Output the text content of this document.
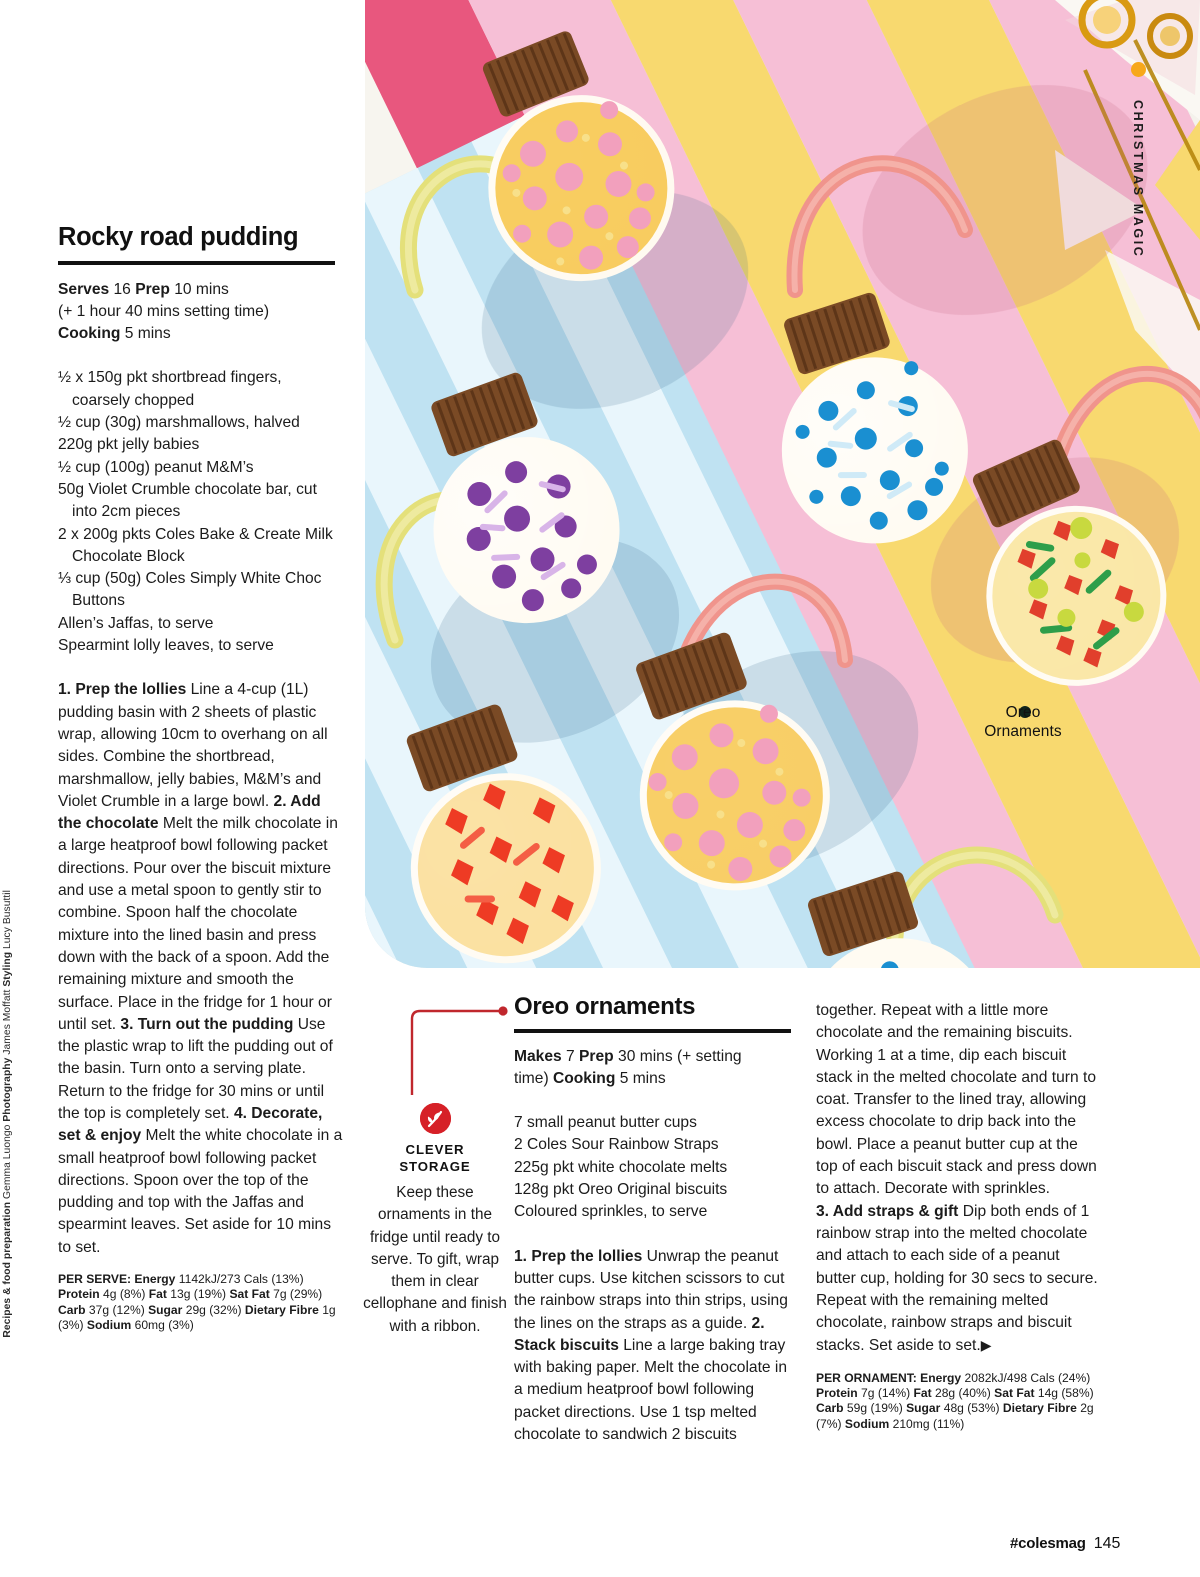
Oreo
Ornaments
CHRISTMAS MAGIC
Recipes & food preparation Gemma Luongo Photography James Moffatt Styling Lucy Busuttil
Rocky road pudding
Serves 16 Prep 10 mins
(+ 1 hour 40 mins setting time)
Cooking 5 mins
½ x 150g pkt shortbread fingers, coarsely chopped
½ cup (30g) marshmallows, halved
220g pkt jelly babies
½ cup (100g) peanut M&M’s
50g Violet Crumble chocolate bar, cut into 2cm pieces
2 x 200g pkts Coles Bake & Create Milk Chocolate Block
⅓ cup (50g) Coles Simply White Choc Buttons
Allen’s Jaffas, to serve
Spearmint lolly leaves, to serve
1. Prep the lollies Line a 4-cup (1L) pudding basin with 2 sheets of plastic wrap, allowing 10cm to overhang on all sides. Combine the shortbread, marshmallow, jelly babies, M&M’s and Violet Crumble in a large bowl. 2. Add the chocolate Melt the milk chocolate in a large heatproof bowl following packet directions. Pour over the biscuit mixture and use a metal spoon to gently stir to combine. Spoon half the chocolate mixture into the lined basin and press down with the back of a spoon. Add the remaining mixture and smooth the surface. Place in the fridge for 1 hour or until set. 3. Turn out the pudding Use the plastic wrap to lift the pudding out of the basin. Turn onto a serving plate. Return to the fridge for 30 mins or until the top is completely set. 4. Decorate, set & enjoy Melt the white chocolate in a small heatproof bowl following packet directions. Spoon over the top of the pudding and top with the Jaffas and spearmint leaves. Set aside for 10 mins to set.
PER SERVE: Energy 1142kJ/273 Cals (13%) Protein 4g (8%) Fat 13g (19%) Sat Fat 7g (29%) Carb 37g (12%) Sugar 29g (32%) Dietary Fibre 1g (3%) Sodium 60mg (3%)
CLEVER
STORAGE
Keep these ornaments in the fridge until ready to serve. To gift, wrap them in clear cellophane and finish with a ribbon.
Oreo ornaments
Makes 7 Prep 30 mins (+ setting
time) Cooking 5 mins
7 small peanut butter cups
2 Coles Sour Rainbow Straps
225g pkt white chocolate melts
128g pkt Oreo Original biscuits
Coloured sprinkles, to serve
1. Prep the lollies Unwrap the peanut butter cups. Use kitchen scissors to cut the rainbow straps into thin strips, using the lines on the straps as a guide. 2. Stack biscuits Line a large baking tray with baking paper. Melt the chocolate in a medium heatproof bowl following packet directions. Use 1 tsp melted chocolate to sandwich 2 biscuits
together. Repeat with a little more chocolate and the remaining biscuits. Working 1 at a time, dip each biscuit stack in the melted chocolate and turn to coat. Transfer to the lined tray, allowing excess chocolate to drip back into the bowl. Place a peanut butter cup at the top of each biscuit stack and press down to attach. Decorate with sprinkles.
3. Add straps & gift Dip both ends of 1 rainbow strap into the melted chocolate and attach to each side of a peanut butter cup, holding for 30 secs to secure. Repeat with the remaining melted chocolate, rainbow straps and biscuit stacks. Set aside to set.▶
PER ORNAMENT: Energy 2082kJ/498 Cals (24%) Protein 7g (14%) Fat 28g (40%) Sat Fat 14g (58%) Carb 59g (19%) Sugar 48g (53%) Dietary Fibre 2g (7%) Sodium 210mg (11%)
#colesmag 145
